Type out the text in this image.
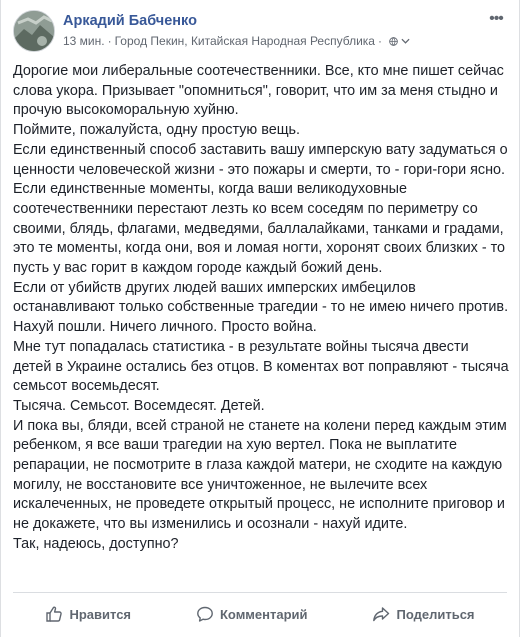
Аркадий Бабченко
13 мин. · Город Пекин, Китайская Народная Республика ·
•••

Дорогие мои либеральные соотечественники. Все, кто мне пишет сейчас слова укора. Призывает "опомниться", говорит, что им за меня стыдно и прочую высокоморальную хуйню.

Поймите, пожалуйста, одну простую вещь.

Если единственный способ заставить вашу имперскую вату задуматься о ценности человеческой жизни - это пожары и смерти, то - гори-гори ясно.

Если единственные моменты, когда ваши великодуховные соотечественники перестают лезть ко всем соседям по периметру со своими, блядь, флагами, медведями, баллалайками, танками и градами, это те моменты, когда они, воя и ломая ногти, хоронят своих близких - то пусть у вас горит в каждом городе каждый божий день.

Если от убийств других людей ваших имперских имбецилов останавливают только собственные трагедии - то не имею ничего против.

Нахуй пошли. Ничего личного. Просто война.

Мне тут попадалась статистика - в результате войны тысяча двести детей в Украине остались без отцов. В коментах вот поправляют - тысяча семьсот восемьдесят.

Тысяча. Семьсот. Восемдесят. Детей.

И пока вы, бляди, всей страной не станете на колени перед каждым этим ребенком, я все ваши трагедии на хую вертел. Пока не выплатите репарации, не посмотрите в глаза каждой матери, не сходите на каждую могилу, не восстановите все уничтоженное, не вылечите всех искалеченных, не проведете открытый процесс, не исполните приговор и не докажете, что вы изменились и осознали - нахуй идите.

Так, надеюсь, доступно?

Нравится	Комментарий	Поделиться
